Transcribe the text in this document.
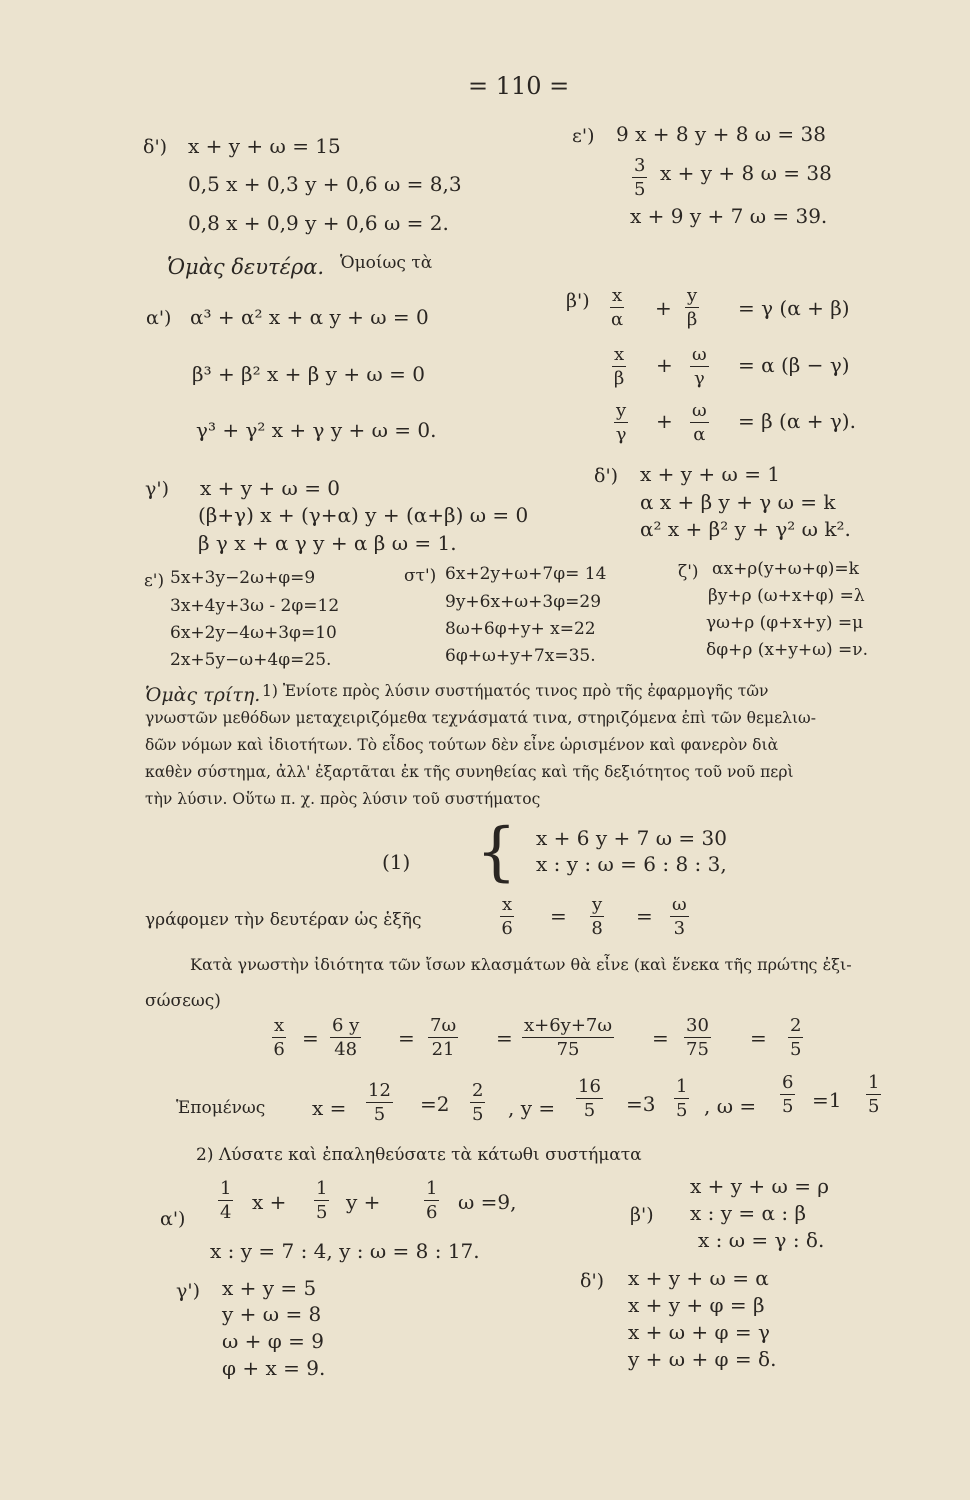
= 110 =
δ') x + y + ω = 15
0,5 x + 0,3 y + 0,6 ω = 8,3
0,8 x + 0,9 y + 0,6 ω = 2.
ε') 9 x + 8 y + 8 ω = 38
$\frac{3}{5}$ x + y + 8 ω = 38
x + 9 y + 7 ω = 39.
Ὁμὰς δευτέρα. Ὁμοίως τὰ
α') α³ + α² x + α y + ω = 0
β³ + β² x + β y + ω = 0
γ³ + γ² x + γ y + ω = 0.
$\beta') \frac{x}{\alpha} + \frac{y}{\beta} = \gamma$ (α + β)
$\frac{x}{\beta} + \frac{\omega}{\gamma} = \alpha$ (β − γ)
$\frac{y}{\gamma} + \frac{\omega}{\alpha} = \beta$ (α + γ).
γ') x + y + ω = 0
(β+γ) x + (γ+α) y + (α+β) ω = 0
β γ x + α γ y + α β ω = 1.
δ') x + y + ω = 1
α x + β y + γ ω = k
α² x + β² y + γ² ω k².
ε') 5x+3y−2ω+φ=9
3x+4y+3ω - 2φ=12
6x+2y−4ω+3φ=10
2x+5y−ω+4φ=25.
στ') 6x+2y+ω+7φ= 14
9y+6x+ω+3φ=29
8ω+6φ+y+ x=22
6φ+ω+y+7x=35.
ζ') αx+ρ(y+ω+φ)=k
βy+ρ (ω+x+φ) =λ
γω+ρ (φ+x+y) =μ
δφ+ρ (x+y+ω) =ν.
Ὁμὰς τρίτη. 1) Ἐνίοτε πρὸς λύσιν συστήματός τινος πρὸ τῆς ἐφαρμογῆς τῶν
γνωστῶν μεθόδων μεταχειριζόμεθα τεχνάσματά τινα, στηριζόμενα ἐπὶ τῶν θεμελιω-
δῶν νόμων καὶ ἰδιοτήτων. Τὸ εἶδος τούτων δὲν εἶνε ὡρισμένον καὶ φανερὸν διὰ
καθὲν σύστημα, ἀλλ' ἐξαρτᾶται ἐκ τῆς συνηθείας καὶ τῆς δεξιότητος τοῦ νοῦ περὶ
τὴν λύσιν. Οὕτω π. χ. πρὸς λύσιν τοῦ συστήματος
(1) { x + 6 y + 7 ω = 30
x : y : ω = 6 : 8 : 3,
γράφομεν τὴν δευτέραν ὡς ἑξῆς	$\frac{x}{6} = \frac{y}{8} = \frac{\omega}{3}$
Κατὰ γνωστὴν ἰδιότητα τῶν ἴσων κλασμάτων θὰ εἶνε (καὶ ἕνεκα τῆς πρώτης ἐξι-
σώσεως)
$\frac{x}{6} = \frac{6 y}{48} = \frac{7\omega}{21} = \frac{x+6y+7\omega}{75} = \frac{30}{75} = \frac{2}{5}$
Ἑπομένως $x = \frac{12}{5} =2 \frac{2}{5}$ , $y = \frac{16}{5} =3 \frac{1}{5}$ , $\omega = \frac{6}{5} =1 \frac{1}{5}$
2) Λύσατε καὶ ἐπαληθεύσατε τὰ κάτωθι συστήματα
$\alpha') \frac{1}{4}$ $x + \frac{1}{5}$ $y + \frac{1}{6}$ ω =9,
x : y = 7 : 4, y : ω = 8 : 17.
β')
x + y + ω = ρ
x : y = α : β
x : ω = γ : δ.
γ') x + y = 5
y + ω = 8
ω + φ = 9
φ + x = 9.
δ') x + y + ω = α
x + y + φ = β
x + ω + φ = γ
y + ω + φ = δ.
